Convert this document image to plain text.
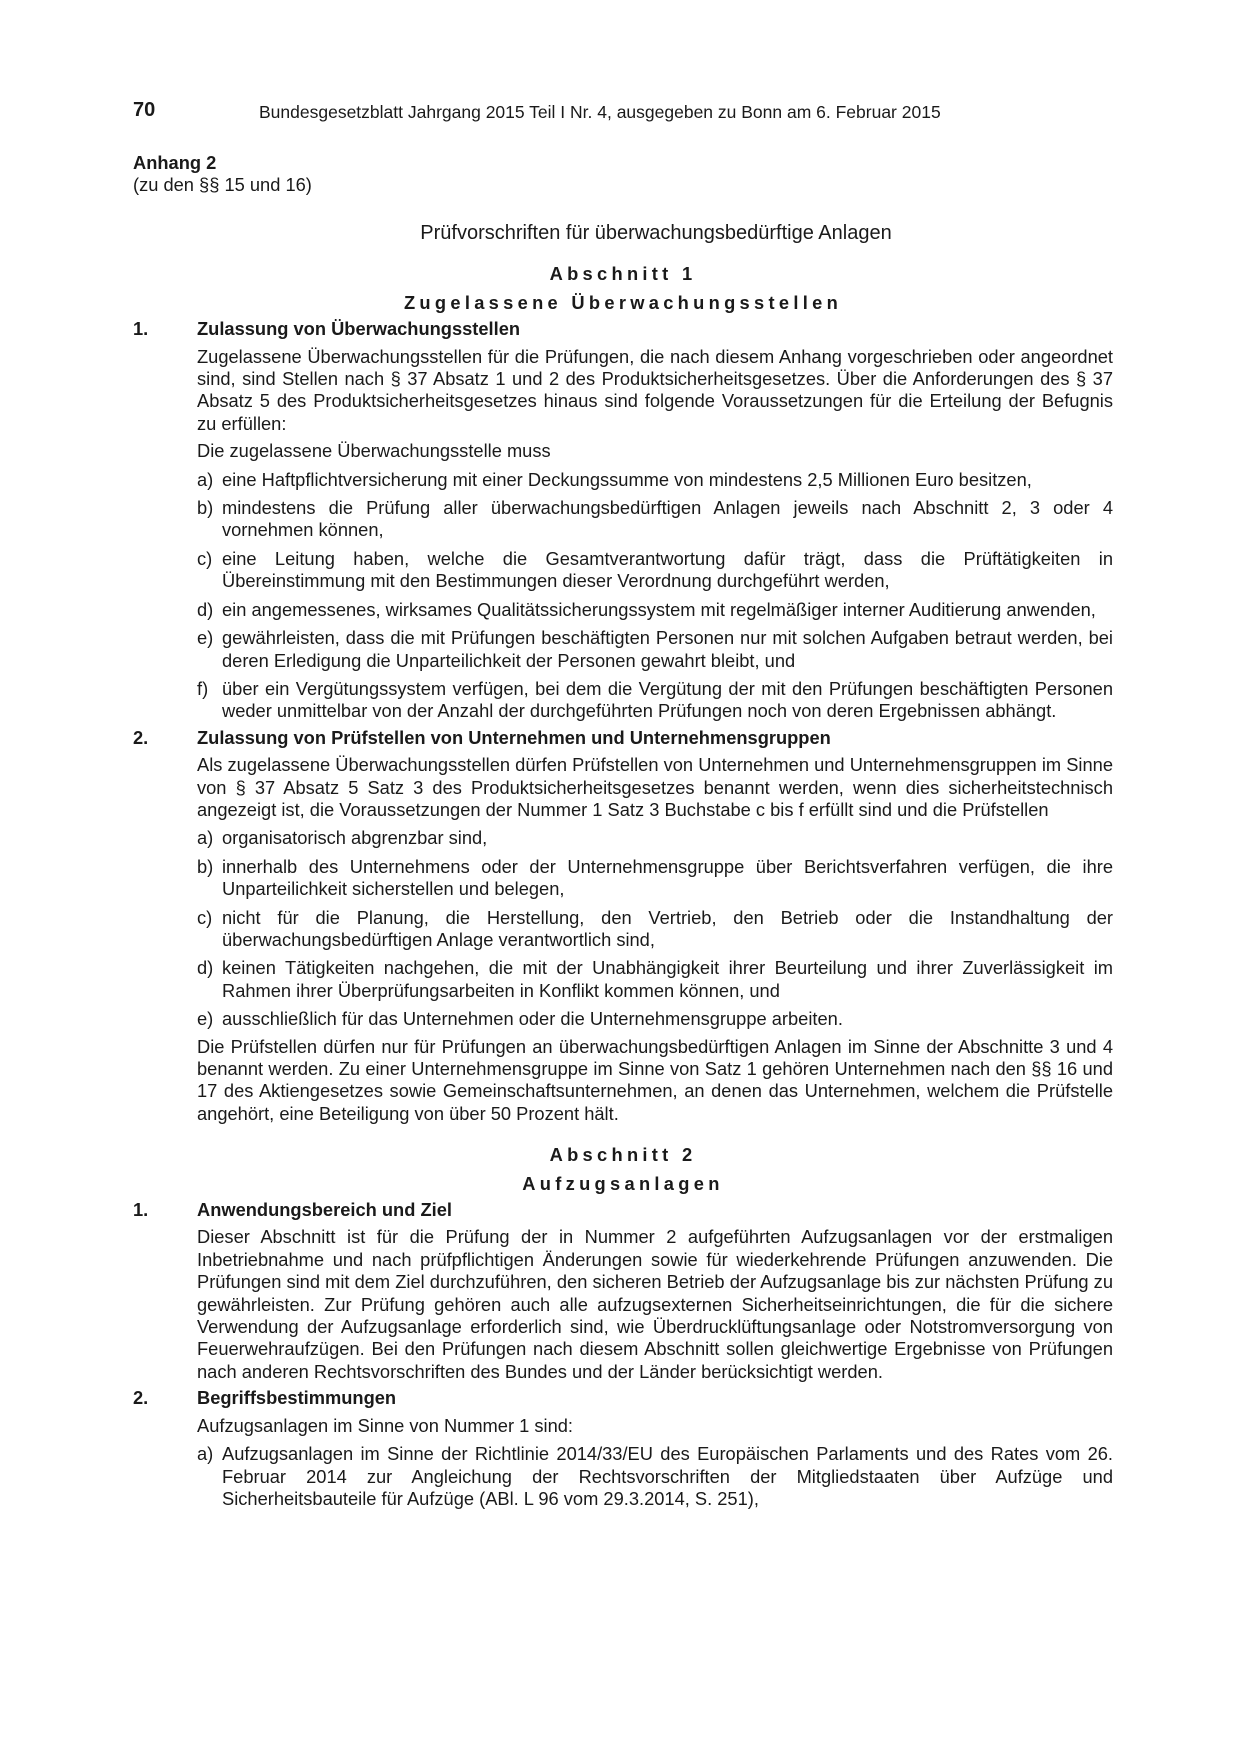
70	Bundesgesetzblatt Jahrgang 2015 Teil I Nr. 4, ausgegeben zu Bonn am 6. Februar 2015
Anhang 2
(zu den §§ 15 und 16)
Prüfvorschriften für überwachungsbedürftige Anlagen
Abschnitt 1
Zugelassene Überwachungsstellen
1.	Zulassung von Überwachungsstellen
Zugelassene Überwachungsstellen für die Prüfungen, die nach diesem Anhang vorgeschrieben oder angeordnet sind, sind Stellen nach § 37 Absatz 1 und 2 des Produktsicherheitsgesetzes. Über die Anforderungen des § 37 Absatz 5 des Produktsicherheitsgesetzes hinaus sind folgende Voraussetzungen für die Erteilung der Befugnis zu erfüllen:
Die zugelassene Überwachungsstelle muss
a) eine Haftpflichtversicherung mit einer Deckungssumme von mindestens 2,5 Millionen Euro besitzen,
b) mindestens die Prüfung aller überwachungsbedürftigen Anlagen jeweils nach Abschnitt 2, 3 oder 4 vornehmen können,
c) eine Leitung haben, welche die Gesamtverantwortung dafür trägt, dass die Prüftätigkeiten in Übereinstimmung mit den Bestimmungen dieser Verordnung durchgeführt werden,
d) ein angemessenes, wirksames Qualitätssicherungssystem mit regelmäßiger interner Auditierung anwenden,
e) gewährleisten, dass die mit Prüfungen beschäftigten Personen nur mit solchen Aufgaben betraut werden, bei deren Erledigung die Unparteilichkeit der Personen gewahrt bleibt, und
f) über ein Vergütungssystem verfügen, bei dem die Vergütung der mit den Prüfungen beschäftigten Personen weder unmittelbar von der Anzahl der durchgeführten Prüfungen noch von deren Ergebnissen abhängt.
2.	Zulassung von Prüfstellen von Unternehmen und Unternehmensgruppen
Als zugelassene Überwachungsstellen dürfen Prüfstellen von Unternehmen und Unternehmensgruppen im Sinne von § 37 Absatz 5 Satz 3 des Produktsicherheitsgesetzes benannt werden, wenn dies sicherheitstechnisch angezeigt ist, die Voraussetzungen der Nummer 1 Satz 3 Buchstabe c bis f erfüllt sind und die Prüfstellen
a) organisatorisch abgrenzbar sind,
b) innerhalb des Unternehmens oder der Unternehmensgruppe über Berichtsverfahren verfügen, die ihre Unparteilichkeit sicherstellen und belegen,
c) nicht für die Planung, die Herstellung, den Vertrieb, den Betrieb oder die Instandhaltung der überwachungsbedürftigen Anlage verantwortlich sind,
d) keinen Tätigkeiten nachgehen, die mit der Unabhängigkeit ihrer Beurteilung und ihrer Zuverlässigkeit im Rahmen ihrer Überprüfungsarbeiten in Konflikt kommen können, und
e) ausschließlich für das Unternehmen oder die Unternehmensgruppe arbeiten.
Die Prüfstellen dürfen nur für Prüfungen an überwachungsbedürftigen Anlagen im Sinne der Abschnitte 3 und 4 benannt werden. Zu einer Unternehmensgruppe im Sinne von Satz 1 gehören Unternehmen nach den §§ 16 und 17 des Aktiengesetzes sowie Gemeinschaftsunternehmen, an denen das Unternehmen, welchem die Prüfstelle angehört, eine Beteiligung von über 50 Prozent hält.
Abschnitt 2
Aufzugsanlagen
1.	Anwendungsbereich und Ziel
Dieser Abschnitt ist für die Prüfung der in Nummer 2 aufgeführten Aufzugsanlagen vor der erstmaligen Inbetriebnahme und nach prüfpflichtigen Änderungen sowie für wiederkehrende Prüfungen anzuwenden. Die Prüfungen sind mit dem Ziel durchzuführen, den sicheren Betrieb der Aufzugsanlage bis zur nächsten Prüfung zu gewährleisten. Zur Prüfung gehören auch alle aufzugsexternen Sicherheitseinrichtungen, die für die sichere Verwendung der Aufzugsanlage erforderlich sind, wie Überdrucklüftungsanlage oder Notstromversorgung von Feuerwehraufzügen. Bei den Prüfungen nach diesem Abschnitt sollen gleichwertige Ergebnisse von Prüfungen nach anderen Rechtsvorschriften des Bundes und der Länder berücksichtigt werden.
2.	Begriffsbestimmungen
Aufzugsanlagen im Sinne von Nummer 1 sind:
a) Aufzugsanlagen im Sinne der Richtlinie 2014/33/EU des Europäischen Parlaments und des Rates vom 26. Februar 2014 zur Angleichung der Rechtsvorschriften der Mitgliedstaaten über Aufzüge und Sicherheitsbauteile für Aufzüge (ABl. L 96 vom 29.3.2014, S. 251),
